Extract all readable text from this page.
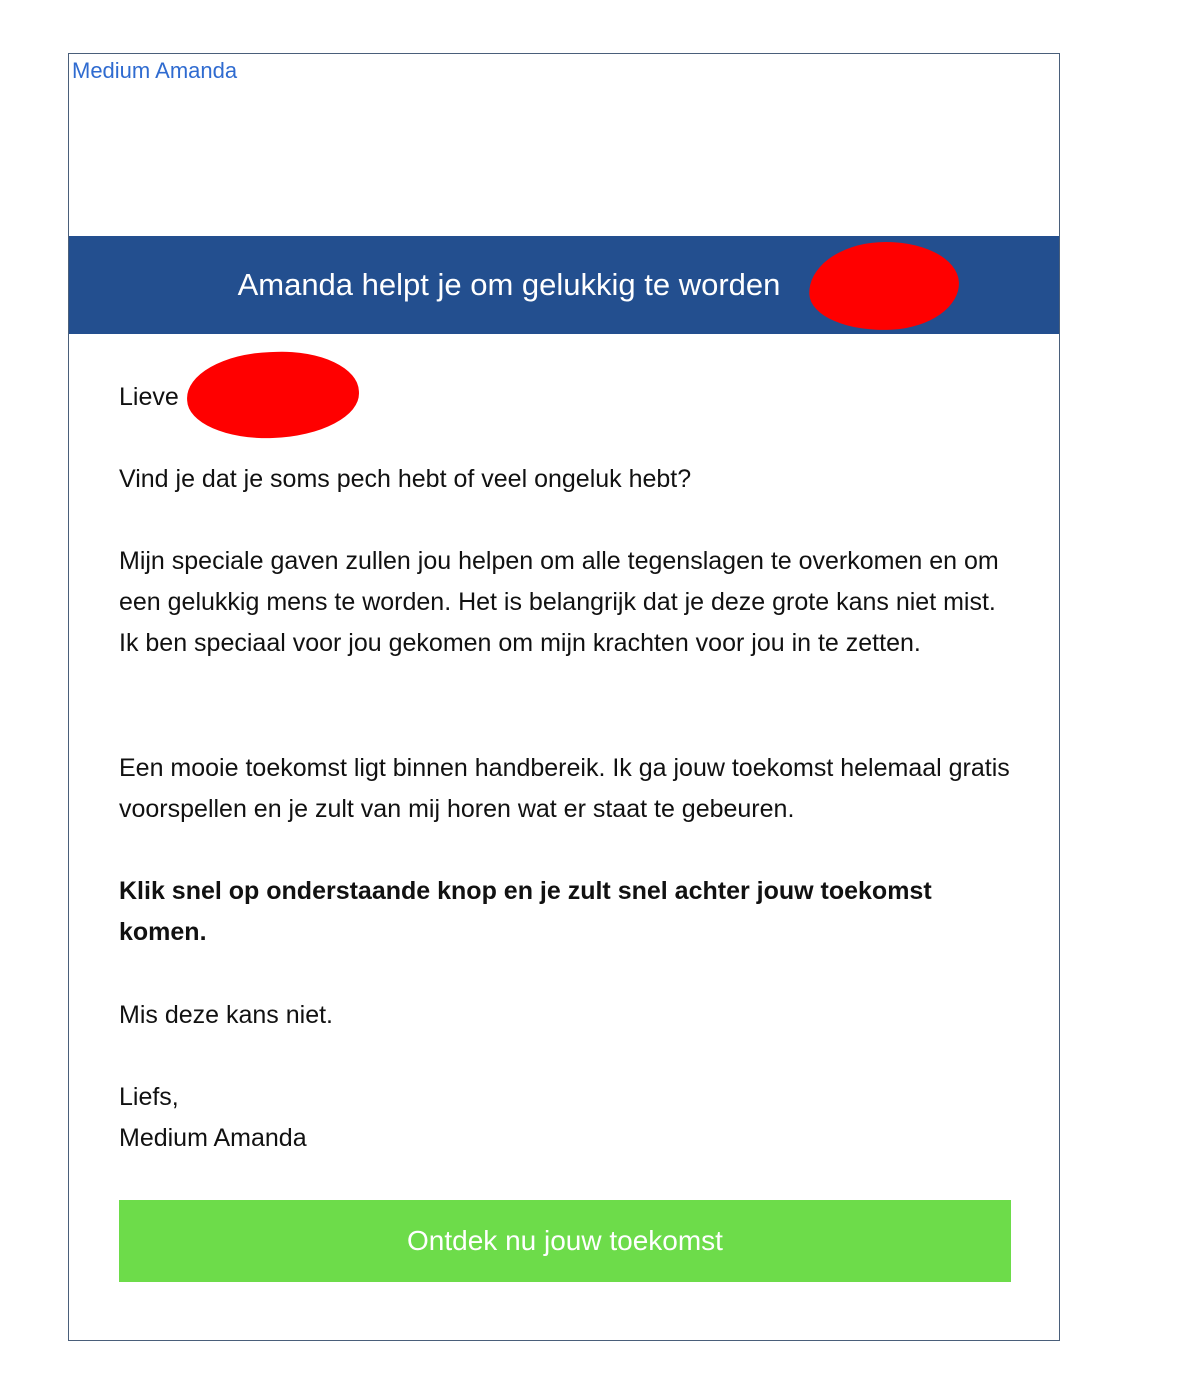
Medium Amanda
Amanda helpt je om gelukkig te worden

Lieve

Vind je dat je soms pech hebt of veel ongeluk hebt?

Mijn speciale gaven zullen jou helpen om alle tegenslagen te overkomen en om een gelukkig mens te worden. Het is belangrijk dat je deze grote kans niet mist. Ik ben speciaal voor jou gekomen om mijn krachten voor jou in te zetten.

Een mooie toekomst ligt binnen handbereik. Ik ga jouw toekomst helemaal gratis voorspellen en je zult van mij horen wat er staat te gebeuren.

Klik snel op onderstaande knop en je zult snel achter jouw toekomst komen.

Mis deze kans niet.

Liefs,
Medium Amanda

Ontdek nu jouw toekomst
